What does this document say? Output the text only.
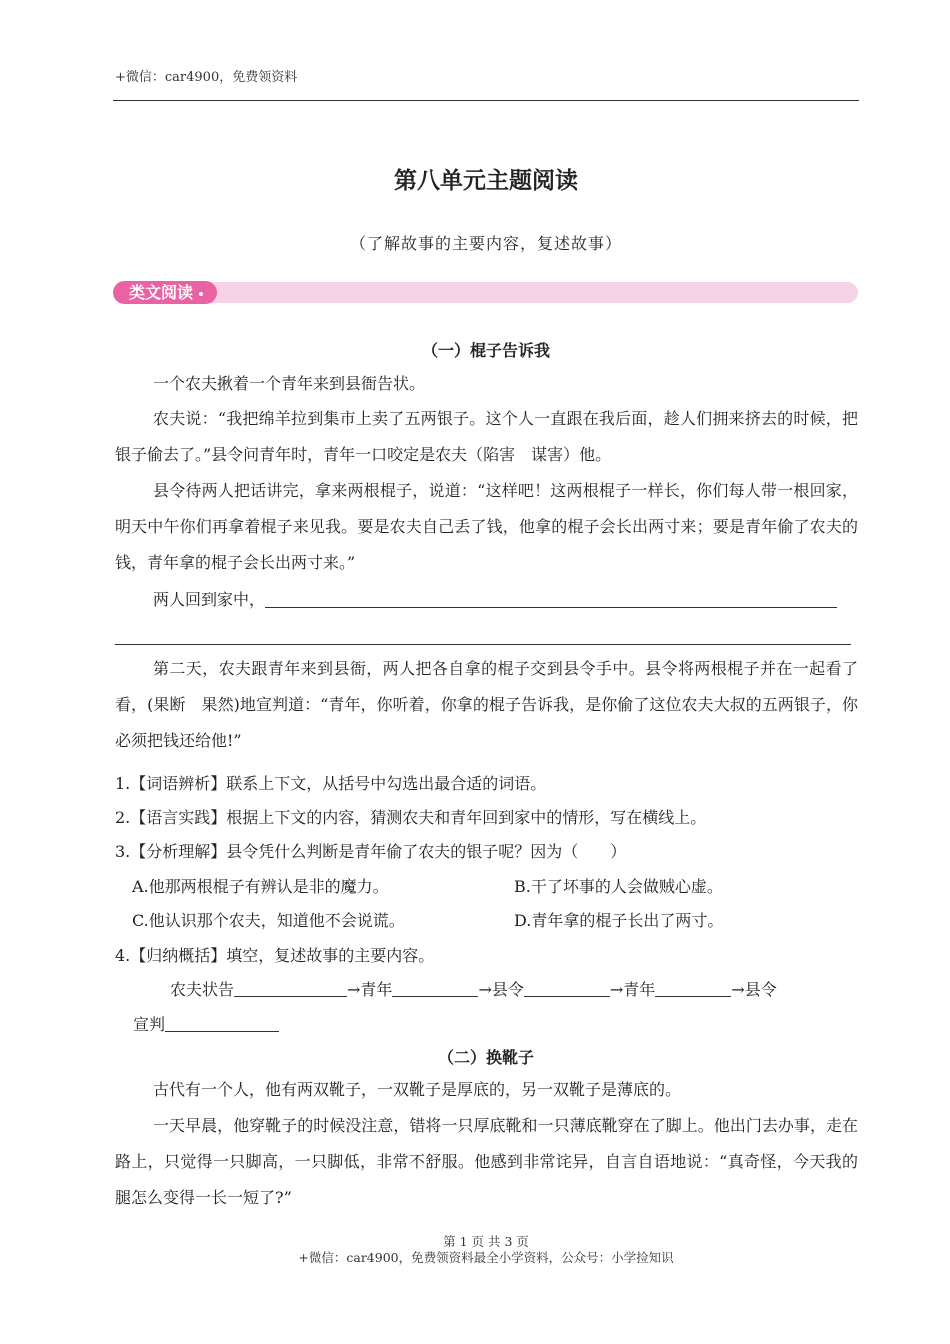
+微信：car4900，免费领资料
第八单元主题阅读
（了解故事的主要内容，复述故事）
类文阅读
（一）棍子告诉我
一个农夫揪着一个青年来到县衙告状。
农夫说：“我把绵羊拉到集市上卖了五两银子。这个人一直跟在我后面，趁人们拥来挤去的时候，把银子偷去了。”县令问青年时，青年一口咬定是农夫（陷害　谋害）他。
县令待两人把话讲完，拿来两根棍子，说道：“这样吧！这两根棍子一样长，你们每人带一根回家，明天中午你们再拿着棍子来见我。要是农夫自己丢了钱，他拿的棍子会长出两寸来；要是青年偷了农夫的钱，青年拿的棍子会长出两寸来。”
两人回到家中，
第二天，农夫跟青年来到县衙，两人把各自拿的棍子交到县令手中。县令将两根棍子并在一起看了看，(果断　果然)地宣判道：“青年，你听着，你拿的棍子告诉我，是你偷了这位农夫大叔的五两银子，你必须把钱还给他!”
1.【词语辨析】联系上下文，从括号中勾选出最合适的词语。
2.【语言实践】根据上下文的内容，猜测农夫和青年回到家中的情形，写在横线上。
3.【分析理解】县令凭什么判断是青年偷了农夫的银子呢？因为（　　）
A.他那两根棍子有辨认是非的魔力。	B.干了坏事的人会做贼心虚。
C.他认识那个农夫，知道他不会说谎。	D.青年拿的棍子长出了两寸。
4.【归纳概括】填空，复述故事的主要内容。
农夫状告	→青年	→县令	→青年	→县令
宣判
（二）换靴子
古代有一个人，他有两双靴子，一双靴子是厚底的，另一双靴子是薄底的。
一天早晨，他穿靴子的时候没注意，错将一只厚底靴和一只薄底靴穿在了脚上。他出门去办事，走在路上，只觉得一只脚高，一只脚低，非常不舒服。他感到非常诧异，自言自语地说：“真奇怪，今天我的腿怎么变得一长一短了?”
第 1 页 共 3 页
+微信：car4900，免费领资料最全小学资料，公众号：小学捡知识
